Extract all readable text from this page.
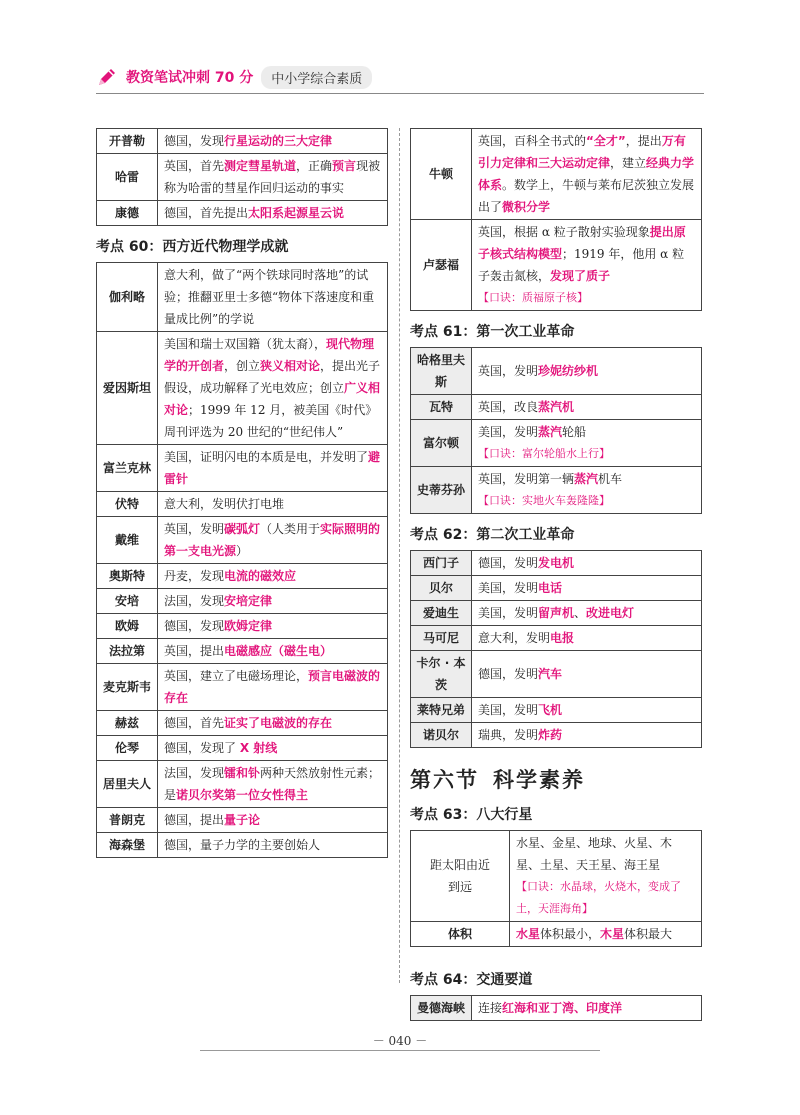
教资笔试冲刺 70 分	中小学综合素质
开普勒	德国，发现行星运动的三大定律
哈雷	英国，首先测定彗星轨道，正确预言现被称为哈雷的彗星作回归运动的事实
康德	德国，首先提出太阳系起源星云说
考点 60：西方近代物理学成就
伽利略	意大利，做了“两个铁球同时落地”的试验；推翻亚里士多德“物体下落速度和重量成比例”的学说
爱因斯坦	美国和瑞士双国籍（犹太裔），现代物理学的开创者，创立狭义相对论，提出光子假设，成功解释了光电效应；创立广义相对论；1999 年 12 月，被美国《时代》周刊评选为 20 世纪的“世纪伟人”
富兰克林	美国，证明闪电的本质是电，并发明了避雷针
伏特	意大利，发明伏打电堆
戴维	英国，发明碳弧灯（人类用于实际照明的第一支电光源）
奥斯特	丹麦，发现电流的磁效应
安培	法国，发现安培定律
欧姆	德国，发现欧姆定律
法拉第	英国，提出电磁感应（磁生电）
麦克斯韦	英国，建立了电磁场理论，预言电磁波的存在
赫兹	德国，首先证实了电磁波的存在
伦琴	德国，发现了 X 射线
居里夫人	法国，发现镭和钋两种天然放射性元素；是诺贝尔奖第一位女性得主
普朗克	德国，提出量子论
海森堡	德国，量子力学的主要创始人
牛顿	英国，百科全书式的“全才”，提出万有引力定律和三大运动定律，建立经典力学体系。数学上，牛顿与莱布尼茨独立发展出了微积分学
卢瑟福	英国，根据 α 粒子散射实验现象提出原子核式结构模型；1919 年，他用 α 粒子轰击氮核，发现了质子
【口诀：质福原子核】
考点 61：第一次工业革命
哈格里夫斯	英国，发明珍妮纺纱机
瓦特	英国，改良蒸汽机
富尔顿	美国，发明蒸汽轮船
【口诀：富尔轮船水上行】

史蒂芬孙	英国，发明第一辆蒸汽机车
【口诀：实地火车轰隆隆】
考点 62：第二次工业革命
西门子	德国，发明发电机
贝尔	美国，发明电话
爱迪生	美国，发明留声机、改进电灯
马可尼	意大利，发明电报
卡尔 · 本茨	德国，发明汽车
莱特兄弟	美国，发明飞机
诺贝尔	瑞典，发明炸药
第六节 科学素养
考点 63：八大行星
距太阳由近到远	水星、金星、地球、火星、木星、土星、天王星、海王星
【口诀：水晶球，火烧木，变成了土，天涯海角】

体积	水星体积最小，木星体积最大
考点 64：交通要道
曼德海峡	连接红海和亚丁湾、印度洋
－ 040 －
